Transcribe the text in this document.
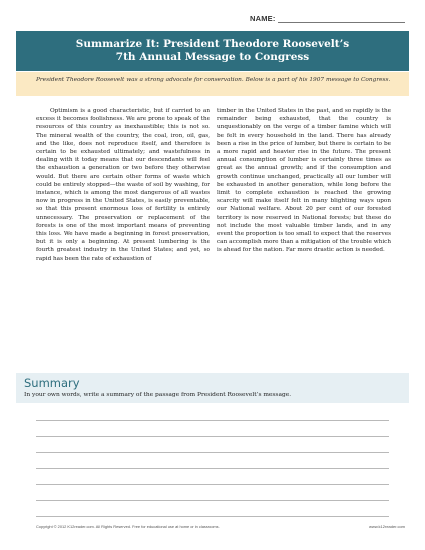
NAME:
Summarize It: President Theodore Roosevelt’s
7th Annual Message to Congress
President Theodore Roosevelt was a strong advocate for conservation. Below is a part of his 1907 message to Congress.
Optimism is a good characteristic, but if carried to an excess it becomes foolishness. We are prone to speak of the resources of this country as inexhaustible; this is not so. The mineral wealth of the country, the coal, iron, oil, gas, and the like, does not reproduce itself, and therefore is certain to be exhausted ultimately; and wastefulness in dealing with it today means that our descendants will feel the exhaustion a generation or two before they otherwise would. But there are certain other forms of waste which could be entirely stopped—the waste of soil by washing, for instance, which is among the most dangerous of all wastes now in progress in the United States, is easily preventable, so that this present enormous loss of fertility is entirely unnecessary. The preservation or replacement of the forests is one of the most important means of preventing this loss. We have made a beginning in forest preservation, but it is only a beginning. At present lumbering is the fourth greatest industry in the United States; and yet, so rapid has been the rate of exhaustion of
timber in the United States in the past, and so rapidly is the remainder being exhausted, that the country is unquestionably on the verge of a timber famine which will be felt in every household in the land. There has already been a rise in the price of lumber, but there is certain to be a more rapid and heavier rise in the future. The present annual consumption of lumber is certainly three times as great as the annual growth; and if the consumption and growth continue unchanged, practically all our lumber will be exhausted in another generation, while long before the limit to complete exhaustion is reached the growing scarcity will make itself felt in many blighting ways upon our National welfare. About 20 per cent of our forested territory is now reserved in National forests; but these do not include the most valuable timber lands, and in any event the proportion is too small to expect that the reserves can accomplish more than a mitigation of the trouble which is ahead for the nation. Far more drastic action is needed.
Summary
In your own words, write a summary of the passage from President Roosevelt’s message.
Copyright © 2012 K12reader.com. All Rights Reserved. Free for educational use at home or in classrooms.	www.k12reader.com
